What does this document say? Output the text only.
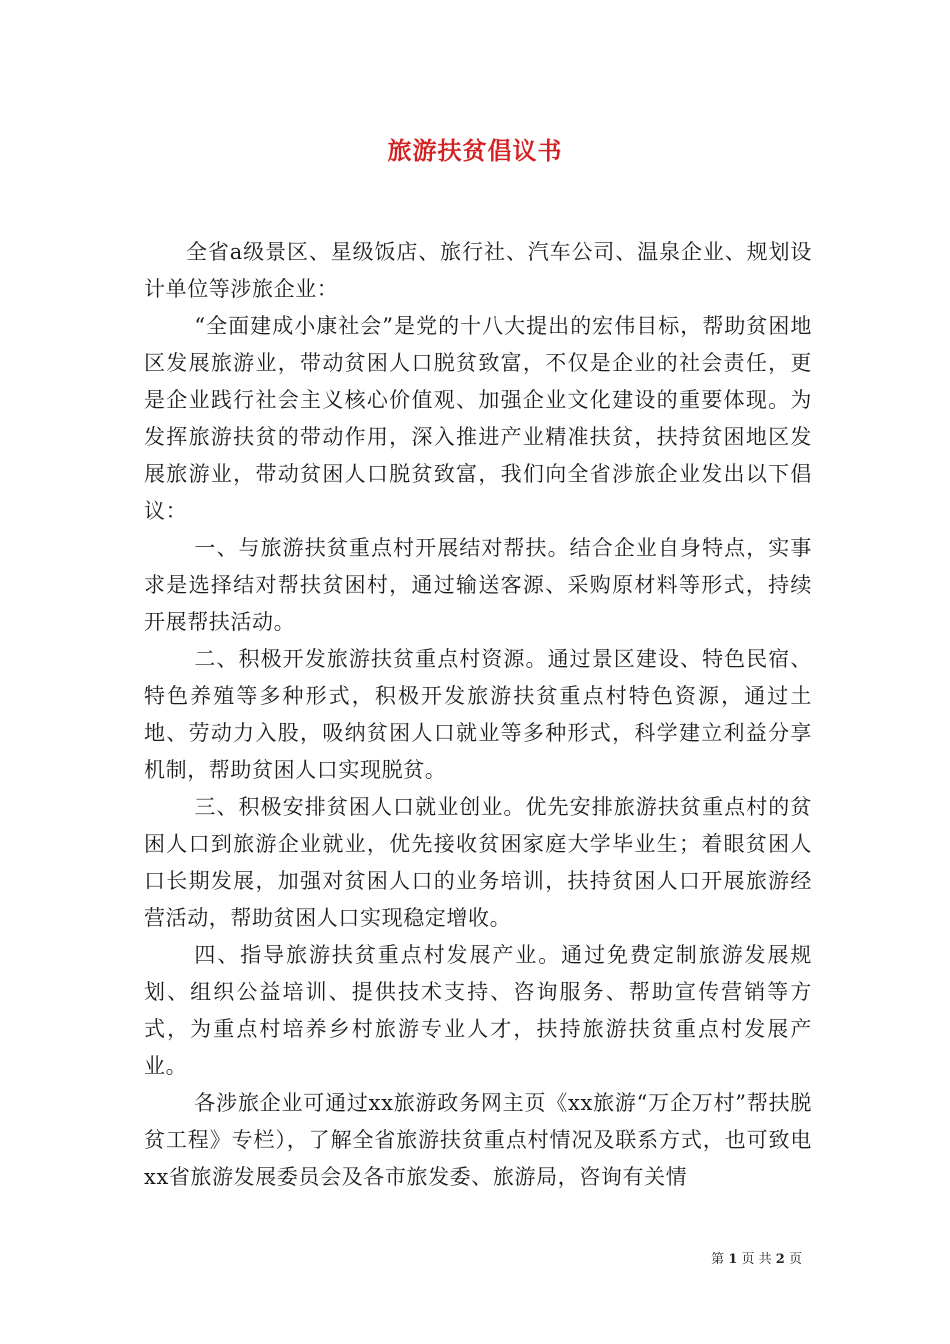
旅游扶贫倡议书

全省a级景区、星级饭店、旅行社、汽车公司、温泉企业、规划设计单位等涉旅企业：

“全面建成小康社会”是党的十八大提出的宏伟目标，帮助贫困地区发展旅游业，带动贫困人口脱贫致富，不仅是企业的社会责任，更是企业践行社会主义核心价值观、加强企业文化建设的重要体现。为发挥旅游扶贫的带动作用，深入推进产业精准扶贫，扶持贫困地区发展旅游业，带动贫困人口脱贫致富，我们向全省涉旅企业发出以下倡议：

一、与旅游扶贫重点村开展结对帮扶。结合企业自身特点，实事求是选择结对帮扶贫困村，通过输送客源、采购原材料等形式，持续开展帮扶活动。

二、积极开发旅游扶贫重点村资源。通过景区建设、特色民宿、特色养殖等多种形式，积极开发旅游扶贫重点村特色资源，通过土地、劳动力入股，吸纳贫困人口就业等多种形式，科学建立利益分享机制，帮助贫困人口实现脱贫。

三、积极安排贫困人口就业创业。优先安排旅游扶贫重点村的贫困人口到旅游企业就业，优先接收贫困家庭大学毕业生；着眼贫困人口长期发展，加强对贫困人口的业务培训，扶持贫困人口开展旅游经营活动，帮助贫困人口实现稳定增收。

四、指导旅游扶贫重点村发展产业。通过免费定制旅游发展规划、组织公益培训、提供技术支持、咨询服务、帮助宣传营销等方式，为重点村培养乡村旅游专业人才，扶持旅游扶贫重点村发展产业。

各涉旅企业可通过xx旅游政务网主页《xx旅游“万企万村”帮扶脱贫工程》专栏），了解全省旅游扶贫重点村情况及联系方式，也可致电xx省旅游发展委员会及各市旅发委、旅游局，咨询有关情

第 1 页 共 2 页
